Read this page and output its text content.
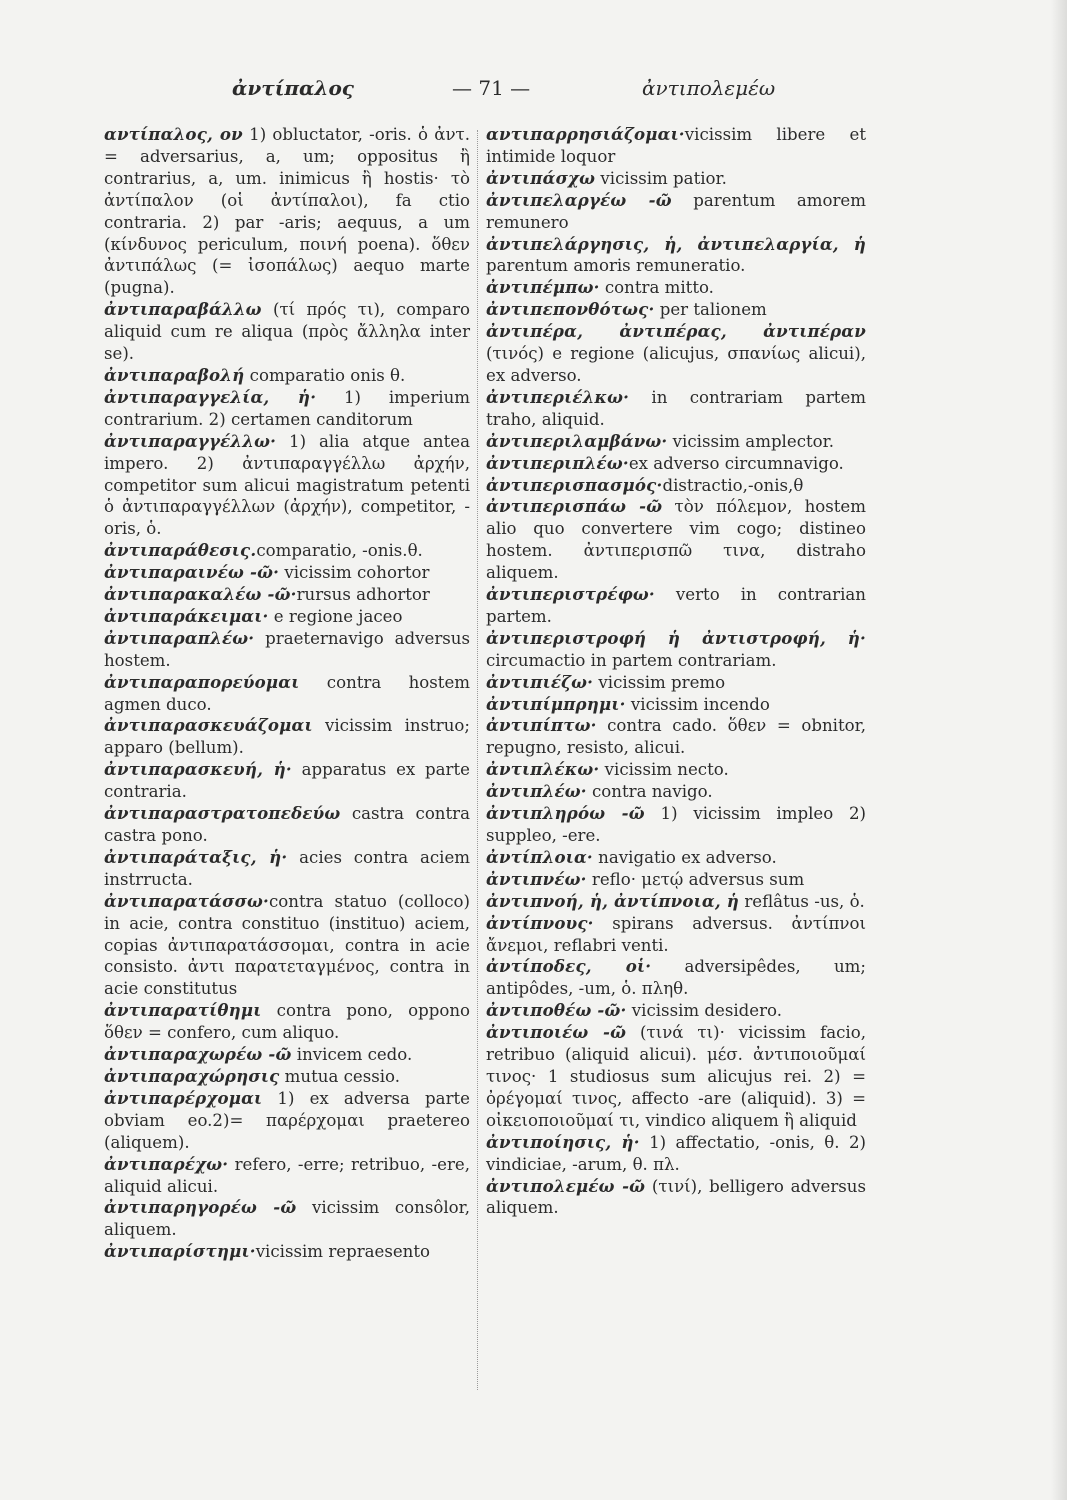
ἀντίπαλος	— 71 —	ἀντιπολεμέω
αντίπαλος, ον 1) obluctator, -oris. ὁ ἀντ. = adversarius, a, um; oppositus ἢ contrarius, a, um. inimicus ἢ hostis· τὸ ἀντίπαλον (οἱ ἀντίπαλοι), fa ctio contraria. 2) par -aris; aequus, a um (κίνδυνος periculum, ποινή poena). ὅθεν ἀντιπάλως (= ἰσοπάλως) aequo marte (pugna).
ἀντιπαραβάλλω (τί πρός τι), comparo aliquid cum re aliqua (πρὸς ἄλληλα inter se).
ἀντιπαραβολή comparatio onis θ.
ἀντιπαραγγελία, ἡ· 1) imperium contrarium. 2) certamen canditorum
ἀντιπαραγγέλλω· 1) alia atque antea impero. 2) ἀντιπαραγγέλλω ἀρχήν, competitor sum alicui magistratum petenti ὁ ἀντιπαραγγέλλων (ἀρχήν), competitor, -oris, ὁ.
ἀντιπαράθεσις.comparatio, -onis.θ.
ἀντιπαραινέω -ῶ· vicissim cohortor
ἀντιπαρακαλέω -ῶ·rursus adhortor
ἀντιπαράκειμαι· e regione jaceo
ἀντιπαραπλέω· praeternavigo adversus hostem.
ἀντιπαραπορεύομαι contra hostem agmen duco.
ἀντιπαρασκευάζομαι vicissim instruo; apparo (bellum).
ἀντιπαρασκευή, ἡ· apparatus ex parte contraria.
ἀντιπαραστρατοπεδεύω castra contra castra pono.
ἀντιπαράταξις, ἡ· acies contra aciem instrructa.
ἀντιπαρατάσσω·contra statuo (colloco) in acie, contra constituo (instituo) aciem, copias ἀντιπαρατάσσομαι, contra in acie consisto. ἀντι παρατεταγμένος, contra in acie constitutus
ἀντιπαρατίθημι contra pono, oppono ὅθεν = confero, cum aliquo.
ἀντιπαραχωρέω -ῶ invicem cedo.
ἀντιπαραχώρησις mutua cessio.
ἀντιπαρέρχομαι 1) ex adversa parte obviam eo.2)= παρέρχομαι praetereo (aliquem).
ἀντιπαρέχω· refero, -erre; retribuo, -ere, aliquid alicui.
ἀντιπαρηγορέω -ῶ vicissim consôlor, aliquem.
ἀντιπαρίστημι·vicissim repraesento
αντιπαρρησιάζομαι·vicissim libere et intimide loquor
ἀντιπάσχω vicissim patior.
ἀντιπελαργέω -ῶ parentum amorem remunero
ἀντιπελάργησις, ἡ, ἀντιπελαργία, ἡ parentum amoris remuneratio.
ἀντιπέμπω· contra mitto.
ἀντιπεπονθότως· per talionem
ἀντιπέρα, ἀντιπέρας, ἀντιπέραν (τινός) e regione (alicujus, σπανίως alicui), ex adverso.
ἀντιπεριέλκω· in contrariam partem traho, aliquid.
ἀντιπεριλαμβάνω· vicissim amplector.
ἀντιπεριπλέω·ex adverso circumnavigo.
ἀντιπερισπασμός·distractio,-onis,θ
ἀντιπερισπάω -ῶ τὸν πόλεμον, hostem alio quo convertere vim cogo; distineo hostem. ἀντιπερισπῶ τινα, distraho aliquem.
ἀντιπεριστρέφω· verto in contrarian partem.
ἀντιπεριστροφή ἡ ἀντιστροφή, ἡ· circumactio in partem contrariam.
ἀντιπιέζω· vicissim premo
ἀντιπίμπρημι· vicissim incendo
ἀντιπίπτω· contra cado. ὅθεν = obnitor, repugno, resisto, alicui.
ἀντιπλέκω· vicissim necto.
ἀντιπλέω· contra navigo.
ἀντιπληρόω -ῶ 1) vicissim impleo 2) suppleo, -ere.
ἀντίπλοια· navigatio ex adverso.
ἀντιπνέω· reflo· μετῴ adversus sum
ἀντιπνοή, ἡ, ἀντίπνοια, ἡ reflâtus -us, ὁ.
ἀντίπνους· spirans adversus. ἀντίπνοι ἄνεμοι, reflabri venti.
ἀντίποδες, οἱ· adversipêdes, um; antipôdes, -um, ὁ. πληθ.
ἀντιποθέω -ῶ· vicissim desidero.
ἀντιποιέω -ῶ (τινά τι)· vicissim facio, retribuo (aliquid alicui). μέσ. ἀντιποιοῦμαί τινος· 1 studiosus sum alicujus rei. 2) = ὀρέγομαί τινος, affecto -are (aliquid). 3) = οἰκειοποιοῦμαί τι, vindico aliquem ἢ aliquid
ἀντιποίησις, ἡ· 1) affectatio, -onis, θ. 2) vindiciae, -arum, θ. πλ.
ἀντιπολεμέω -ῶ (τινί), belligero adversus aliquem.
